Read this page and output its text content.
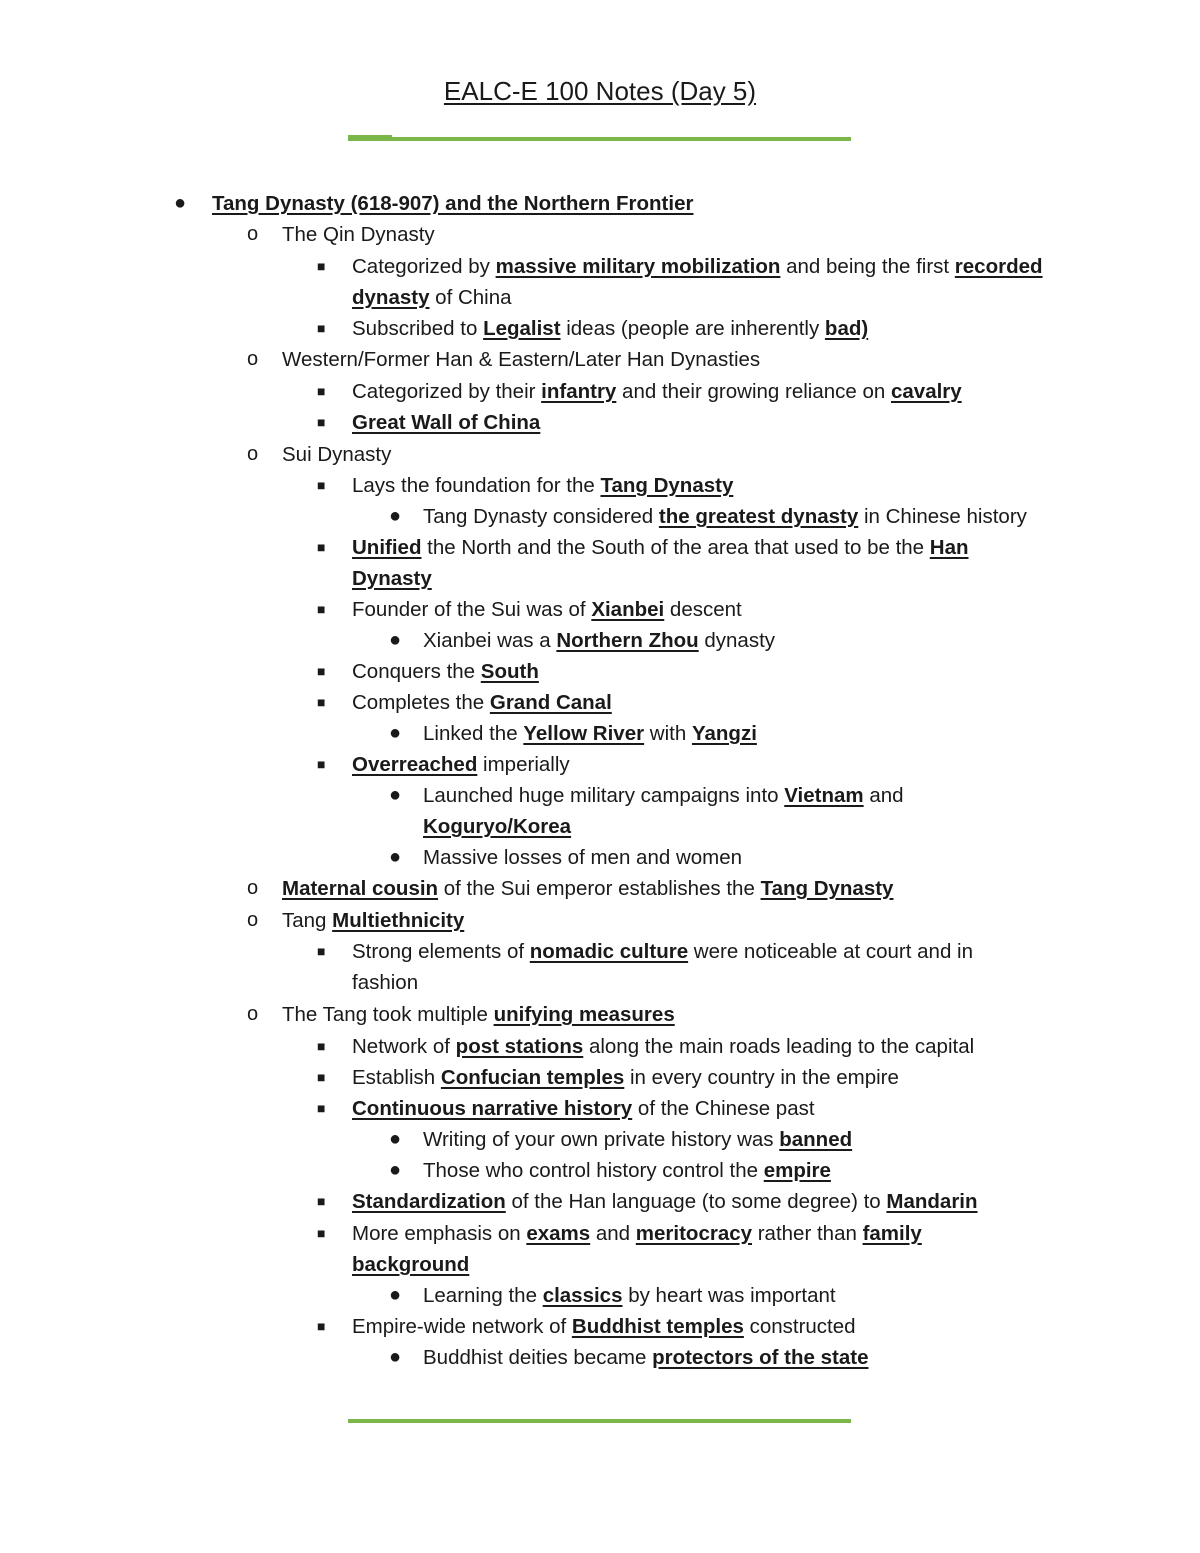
EALC-E 100 Notes (Day 5)
● Tang Dynasty (618-907) and the Northern Frontier
o The Qin Dynasty
■ Categorized by massive military mobilization and being the first recorded
dynasty of China
■ Subscribed to Legalist ideas (people are inherently bad)
o Western/Former Han & Eastern/Later Han Dynasties
■ Categorized by their infantry and their growing reliance on cavalry
■ Great Wall of China
o Sui Dynasty
■ Lays the foundation for the Tang Dynasty
● Tang Dynasty considered the greatest dynasty in Chinese history
■ Unified the North and the South of the area that used to be the Han
Dynasty
■ Founder of the Sui was of Xianbei descent
● Xianbei was a Northern Zhou dynasty
■ Conquers the South
■ Completes the Grand Canal
● Linked the Yellow River with Yangzi
■ Overreached imperially
● Launched huge military campaigns into Vietnam and
Koguryo/Korea
● Massive losses of men and women
o Maternal cousin of the Sui emperor establishes the Tang Dynasty
o Tang Multiethnicity
■ Strong elements of nomadic culture were noticeable at court and in
fashion
o The Tang took multiple unifying measures
■ Network of post stations along the main roads leading to the capital
■ Establish Confucian temples in every country in the empire
■ Continuous narrative history of the Chinese past
● Writing of your own private history was banned
● Those who control history control the empire
■ Standardization of the Han language (to some degree) to Mandarin
■ More emphasis on exams and meritocracy rather than family
background
● Learning the classics by heart was important
■ Empire-wide network of Buddhist temples constructed
● Buddhist deities became protectors of the state
